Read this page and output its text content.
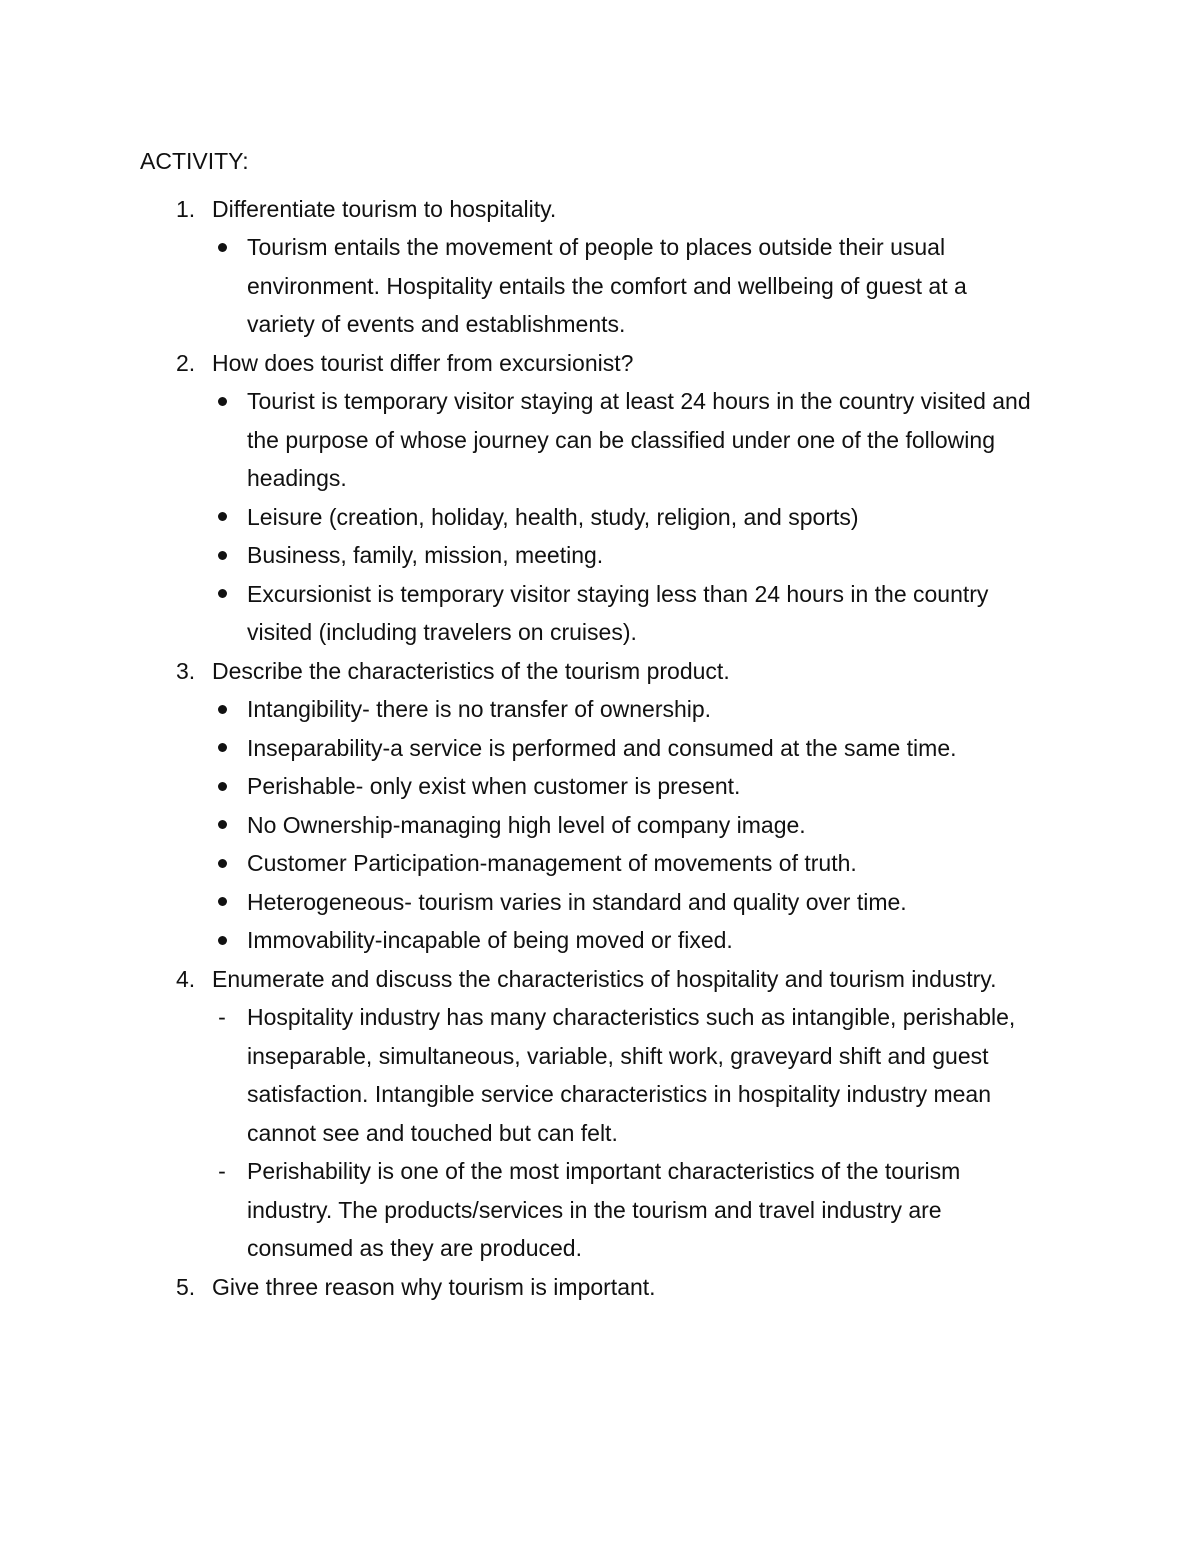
ACTIVITY:
1. Differentiate tourism to hospitality.
Tourism entails the movement of people to places outside their usual environment. Hospitality entails the comfort and wellbeing of guest at a variety of events and establishments.
2. How does tourist differ from excursionist?
Tourist is temporary visitor staying at least 24 hours in the country visited and the purpose of whose journey can be classified under one of the following headings.
Leisure (creation, holiday, health, study, religion, and sports)
Business, family, mission, meeting.
Excursionist is temporary visitor staying less than 24 hours in the country visited (including travelers on cruises).
3. Describe the characteristics of the tourism product.
Intangibility- there is no transfer of ownership.
Inseparability-a service is performed and consumed at the same time.
Perishable- only exist when customer is present.
No Ownership-managing high level of company image.
Customer Participation-management of movements of truth.
Heterogeneous- tourism varies in standard and quality over time.
Immovability-incapable of being moved or fixed.
4. Enumerate and discuss the characteristics of hospitality and tourism industry.
- Hospitality industry has many characteristics such as intangible, perishable, inseparable, simultaneous, variable, shift work, graveyard shift and guest satisfaction. Intangible service characteristics in hospitality industry mean cannot see and touched but can felt.
- Perishability is one of the most important characteristics of the tourism industry. The products/services in the tourism and travel industry are consumed as they are produced.
5. Give three reason why tourism is important.
